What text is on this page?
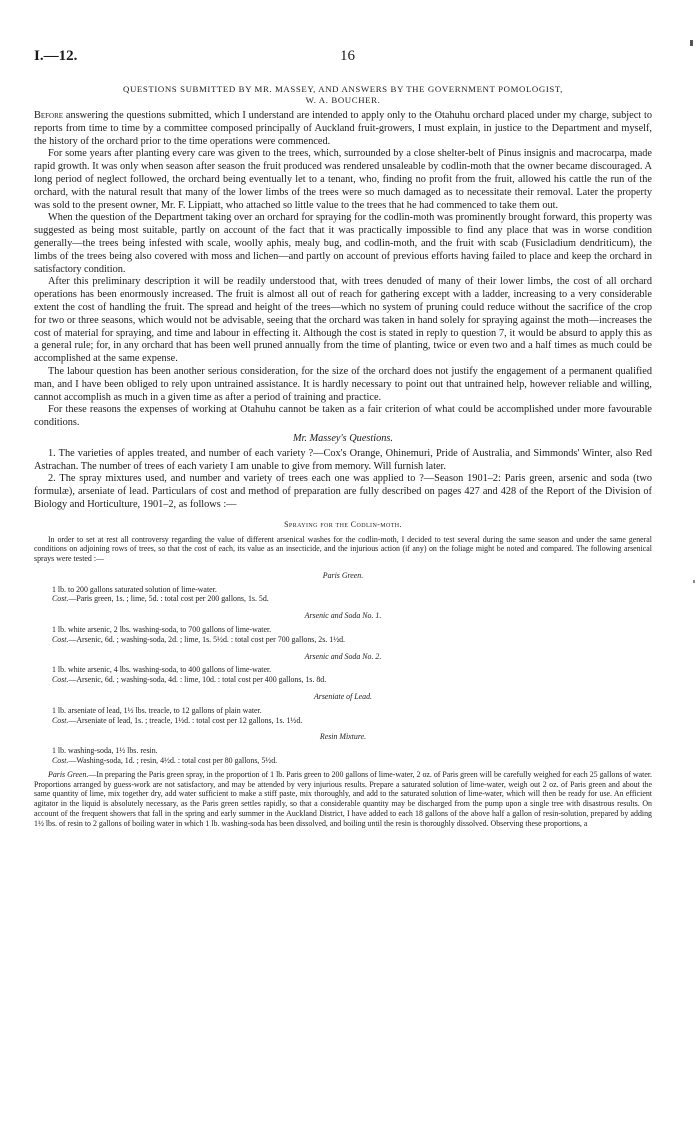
I.—12.	16
QUESTIONS SUBMITTED BY MR. MASSEY, AND ANSWERS BY THE GOVERNMENT POMOLOGIST,
W. A. BOUCHER.

Before answering the questions submitted, which I understand are intended to apply only to the Otahuhu orchard placed under my charge, subject to reports from time to time by a committee composed principally of Auckland fruit-growers, I must explain, in justice to the Department and myself, the history of the orchard prior to the time operations were commenced.

For some years after planting every care was given to the trees, which, surrounded by a close shelter-belt of Pinus insignis and macrocarpa, made rapid growth. It was only when season after season the fruit produced was rendered unsaleable by codlin-moth that the owner became discouraged. A long period of neglect followed, the orchard being eventually let to a tenant, who, finding no profit from the fruit, allowed his cattle the run of the orchard, with the natural result that many of the lower limbs of the trees were so much damaged as to necessitate their removal. Later the property was sold to the present owner, Mr. F. Lippiatt, who attached so little value to the trees that he had commenced to take them out.

When the question of the Department taking over an orchard for spraying for the codlin-moth was prominently brought forward, this property was suggested as being most suitable, partly on account of the fact that it was practically impossible to find any place that was in worse condition generally—the trees being infested with scale, woolly aphis, mealy bug, and codlin-moth, and the fruit with scab (Fusicladium dendriticum), the limbs of the trees being also covered with moss and lichen—and partly on account of previous efforts having failed to place and keep the orchard in satisfactory condition.

After this preliminary description it will be readily understood that, with trees denuded of many of their lower limbs, the cost of all orchard operations has been enormously increased. The fruit is almost all out of reach for gathering except with a ladder, increasing to a very considerable extent the cost of handling the fruit. The spread and height of the trees—which no system of pruning could reduce without the sacrifice of the crop for two or three seasons, which would not be advisable, seeing that the orchard was taken in hand solely for spraying against the moth—increases the cost of material for spraying, and time and labour in effecting it. Although the cost is stated in reply to question 7, it would be absurd to apply this as a general rule; for, in any orchard that has been well pruned annually from the time of planting, twice or even two and a half times as much could be accomplished at the same expense.

The labour question has been another serious consideration, for the size of the orchard does not justify the engagement of a permanent qualified man, and I have been obliged to rely upon untrained assistance. It is hardly necessary to point out that untrained help, however reliable and willing, cannot accomplish as much in a given time as after a period of training and practice.

For these reasons the expenses of working at Otahuhu cannot be taken as a fair criterion of what could be accomplished under more favourable conditions.

Mr. Massey's Questions.

1. The varieties of apples treated, and number of each variety ?—Cox's Orange, Ohinemuri, Pride of Australia, and Simmonds' Winter, also Red Astrachan. The number of trees of each variety I am unable to give from memory. Will furnish later.

2. The spray mixtures used, and number and variety of trees each one was applied to ?—Season 1901–2: Paris green, arsenic and soda (two formulæ), arseniate of lead. Particulars of cost and method of preparation are fully described on pages 427 and 428 of the Report of the Division of Biology and Horticulture, 1901–2, as follows :—

Spraying for the Codlin-moth.

In order to set at rest all controversy regarding the value of different arsenical washes for the codlin-moth, I decided to test several during the same season and under the same general conditions on adjoining rows of trees, so that the cost of each, its value as an insecticide, and the injurious action (if any) on the foliage might be noted and compared. The following arsenical sprays were tested :—

Paris Green.
1 lb. to 200 gallons saturated solution of lime-water.
Cost.—Paris green, 1s. ; lime, 5d. : total cost per 200 gallons, 1s. 5d.
Arsenic and Soda No. 1.
1 lb. white arsenic, 2 lbs. washing-soda, to 700 gallons of lime-water.
Cost.—Arsenic, 6d. ; washing-soda, 2d. ; lime, 1s. 5½d. : total cost per 700 gallons, 2s. 1½d.
Arsenic and Soda No. 2.
1 lb. white arsenic, 4 lbs. washing-soda, to 400 gallons of lime-water.
Cost.—Arsenic, 6d. ; washing-soda, 4d. : lime, 10d. : total cost per 400 gallons, 1s. 8d.
Arseniate of Lead.
1 lb. arseniate of lead, 1½ lbs. treacle, to 12 gallons of plain water.
Cost.—Arseniate of lead, 1s. ; treacle, 1½d. : total cost per 12 gallons, 1s. 1½d.
Resin Mixture.
1 lb. washing-soda, 1½ lbs. resin.
Cost.—Washing-soda, 1d. ; resin, 4½d. : total cost per 80 gallons, 5½d.

Paris Green.—In preparing the Paris green spray, in the proportion of 1 lb. Paris green to 200 gallons of lime-water, 2 oz. of Paris green will be carefully weighed for each 25 gallons of water. Proportions arranged by guess-work are not satisfactory, and may be attended by very injurious results. Prepare a saturated solution of lime-water, weigh out 2 oz. of Paris green and about the same quantity of lime, mix together dry, add water sufficient to make a stiff paste, mix thoroughly, and add to the saturated solution of lime-water, which will then be ready for use. An efficient agitator in the liquid is absolutely necessary, as the Paris green settles rapidly, so that a considerable quantity may be discharged from the pump upon a single tree with disastrous results. On account of the frequent showers that fall in the spring and early summer in the Auckland District, I have added to each 18 gallons of the above half a gallon of resin-solution, prepared by adding 1½ lbs. of resin to 2 gallons of boiling water in which 1 lb. washing-soda has been dissolved, and boiling until the resin is thoroughly dissolved. Observing these proportions, a
